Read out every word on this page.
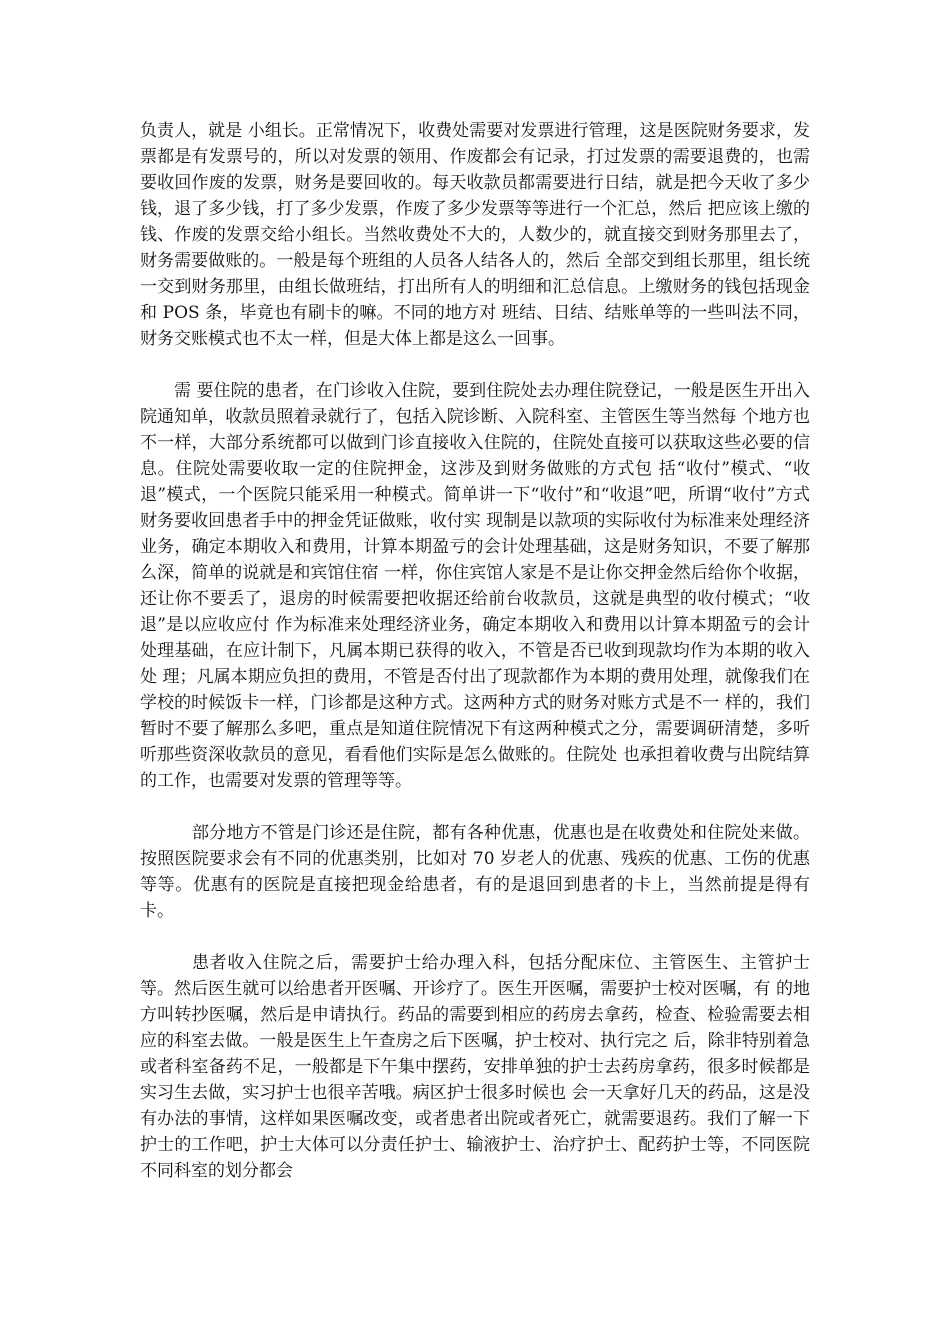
负责人，就是 小组长。正常情况下，收费处需要对发票进行管理，这是医院财务要求，发票都是有发票号的，所以对发票的领用、作废都会有记录，打过发票的需要退费的，也需 要收回作废的发票，财务是要回收的。每天收款员都需要进行日结，就是把今天收了多少钱，退了多少钱，打了多少发票，作废了多少发票等等进行一个汇总，然后 把应该上缴的钱、作废的发票交给小组长。当然收费处不大的，人数少的，就直接交到财务那里去了，财务需要做账的。一般是每个班组的人员各人结各人的，然后 全部交到组长那里，组长统一交到财务那里，由组长做班结，打出所有人的明细和汇总信息。上缴财务的钱包括现金和 POS 条，毕竟也有刷卡的嘛。不同的地方对 班结、日结、结账单等的一些叫法不同，财务交账模式也不太一样，但是大体上都是这么一回事。

需 要住院的患者，在门诊收入住院，要到住院处去办理住院登记，一般是医生开出入院通知单，收款员照着录就行了，包括入院诊断、入院科室、主管医生等当然每 个地方也不一样，大部分系统都可以做到门诊直接收入住院的，住院处直接可以获取这些必要的信息。住院处需要收取一定的住院押金，这涉及到财务做账的方式包 括“收付”模式、“收退”模式，一个医院只能采用一种模式。简单讲一下“收付”和“收退”吧，所谓“收付”方式财务要收回患者手中的押金凭证做账，收付实 现制是以款项的实际收付为标准来处理经济业务，确定本期收入和费用，计算本期盈亏的会计处理基础，这是财务知识，不要了解那么深，简单的说就是和宾馆住宿 一样，你住宾馆人家是不是让你交押金然后给你个收据，还让你不要丢了，退房的时候需要把收据还给前台收款员，这就是典型的收付模式；“收退”是以应收应付 作为标准来处理经济业务，确定本期收入和费用以计算本期盈亏的会计处理基础，在应计制下，凡属本期已获得的收入，不管是否已收到现款均作为本期的收入处 理；凡属本期应负担的费用，不管是否付出了现款都作为本期的费用处理，就像我们在学校的时候饭卡一样，门诊都是这种方式。这两种方式的财务对账方式是不一 样的，我们暂时不要了解那么多吧，重点是知道住院情况下有这两种模式之分，需要调研清楚，多听听那些资深收款员的意见，看看他们实际是怎么做账的。住院处 也承担着收费与出院结算的工作，也需要对发票的管理等等。

部分地方不管是门诊还是住院，都有各种优惠，优惠也是在收费处和住院处来做。按照医院要求会有不同的优惠类别，比如对 70 岁老人的优惠、残疾的优惠、工伤的优惠等等。优惠有的医院是直接把现金给患者，有的是退回到患者的卡上，当然前提是得有卡。

患者收入住院之后，需要护士给办理入科，包括分配床位、主管医生、主管护士等。然后医生就可以给患者开医嘱、开诊疗了。医生开医嘱，需要护士校对医嘱，有 的地方叫转抄医嘱，然后是申请执行。药品的需要到相应的药房去拿药，检查、检验需要去相应的科室去做。一般是医生上午查房之后下医嘱，护士校对、执行完之 后，除非特别着急或者科室备药不足，一般都是下午集中摆药，安排单独的护士去药房拿药，很多时候都是实习生去做，实习护士也很辛苦哦。病区护士很多时候也 会一天拿好几天的药品，这是没有办法的事情，这样如果医嘱改变，或者患者出院或者死亡，就需要退药。我们了解一下护士的工作吧，护士大体可以分责任护士、输液护士、治疗护士、配药护士等，不同医院不同科室的划分都会
